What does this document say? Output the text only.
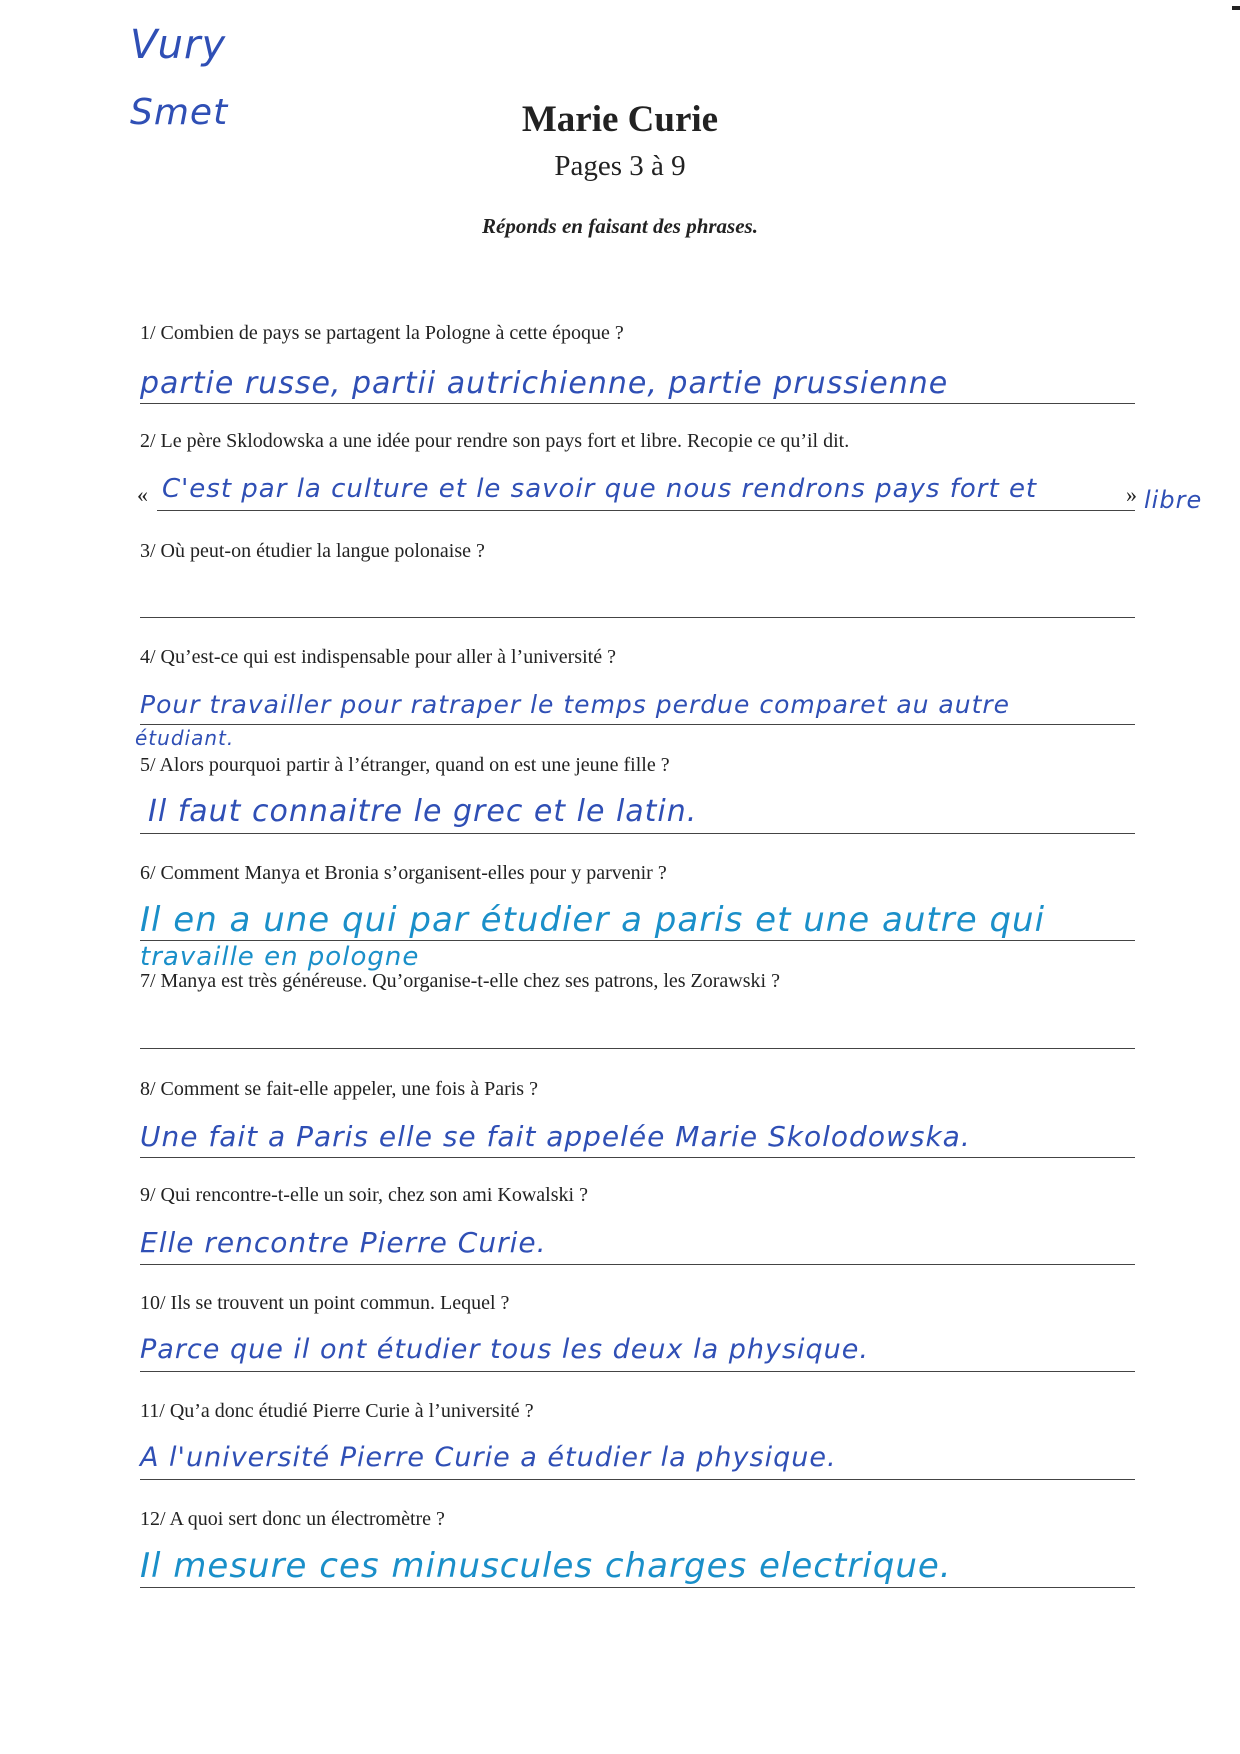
Vury
Smet	Marie Curie
Pages 3 à 9
Réponds en faisant des phrases.
1/ Combien de pays se partagent la Pologne à cette époque ?
partie russe, partii autrichienne, partie prussienne
2/ Le père Sklodowska a une idée pour rendre son pays fort et libre. Recopie ce qu’il dit.
« C'est par la culture et le savoir que nous rendrons pays fort et	» libre
3/ Où peut-on étudier la langue polonaise ?
4/ Qu’est-ce qui est indispensable pour aller à l’université ?
Pour travailler pour ratraper le temps perdue comparet au autre
étudiant.
5/ Alors pourquoi partir à l’étranger, quand on est une jeune fille ?
Il faut connaitre le grec et le latin.
6/ Comment Manya et Bronia s’organisent-elles pour y parvenir ?
Il en a une qui par étudier a paris et une autre qui
travaille en pologne
7/ Manya est très généreuse. Qu’organise-t-elle chez ses patrons, les Zorawski ?
8/ Comment se fait-elle appeler, une fois à Paris ?
Une fait a Paris elle se fait appelée Marie Skolodowska.
9/ Qui rencontre-t-elle un soir, chez son ami Kowalski ?
Elle rencontre Pierre Curie.
10/ Ils se trouvent un point commun. Lequel ?
Parce que il ont étudier tous les deux la physique.
11/ Qu’a donc étudié Pierre Curie à l’université ?
A l'université Pierre Curie a étudier la physique.
12/ A quoi sert donc un électromètre ?
Il mesure ces minuscules charges electrique.
